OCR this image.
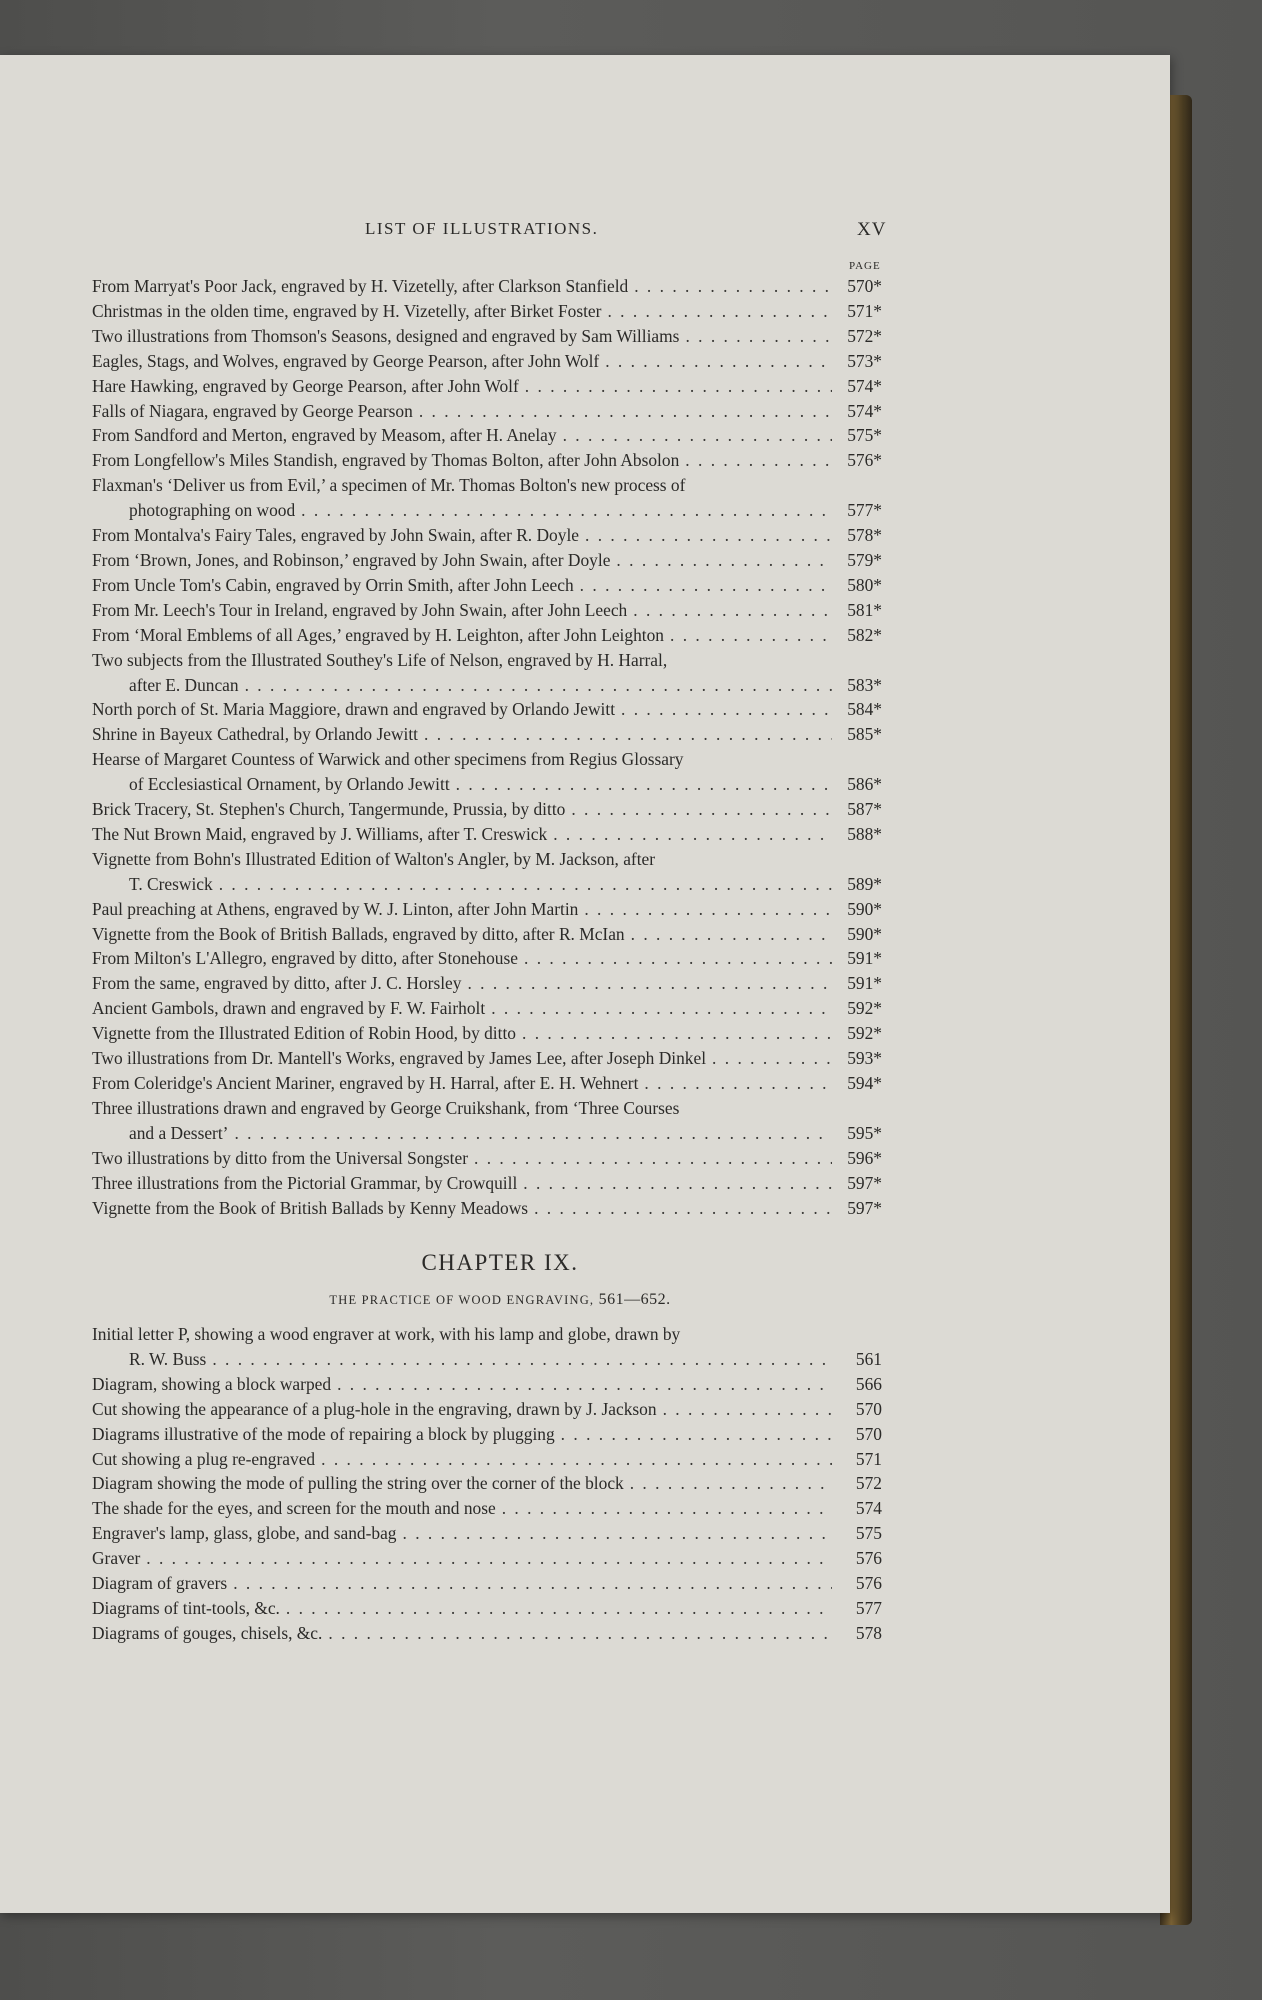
LIST OF ILLUSTRATIONS.	XV
PAGE
From Marryat's Poor Jack, engraved by H. Vizetelly, after Clarkson Stanfield . . .	570*
Christmas in the olden time, engraved by H. Vizetelly, after Birket Foster . . .	571*
Two illustrations from Thomson's Seasons, designed and engraved by Sam Williams . . .	572*
Eagles, Stags, and Wolves, engraved by George Pearson, after John Wolf . . .	573*
Hare Hawking, engraved by George Pearson, after John Wolf . . .	574*
Falls of Niagara, engraved by George Pearson . . .	574*
From Sandford and Merton, engraved by Measom, after H. Anelay . . .	575*
From Longfellow's Miles Standish, engraved by Thomas Bolton, after John Absolon . . .	576*
Flaxman's ‘Deliver us from Evil,’ a specimen of Mr. Thomas Bolton's new process of
photographing on wood . . .	577*
From Montalva's Fairy Tales, engraved by John Swain, after R. Doyle . . .	578*
From ‘Brown, Jones, and Robinson,’ engraved by John Swain, after Doyle . . .	579*
From Uncle Tom's Cabin, engraved by Orrin Smith, after John Leech . . .	580*
From Mr. Leech's Tour in Ireland, engraved by John Swain, after John Leech . . .	581*
From ‘Moral Emblems of all Ages,’ engraved by H. Leighton, after John Leighton . . .	582*
Two subjects from the Illustrated Southey's Life of Nelson, engraved by H. Harral,
after E. Duncan . . .	583*
North porch of St. Maria Maggiore, drawn and engraved by Orlando Jewitt . . .	584*
Shrine in Bayeux Cathedral, by Orlando Jewitt . . .	585*
Hearse of Margaret Countess of Warwick and other specimens from Regius Glossary
of Ecclesiastical Ornament, by Orlando Jewitt . . .	586*
Brick Tracery, St. Stephen's Church, Tangermunde, Prussia, by ditto . . .	587*
The Nut Brown Maid, engraved by J. Williams, after T. Creswick . . .	588*
Vignette from Bohn's Illustrated Edition of Walton's Angler, by M. Jackson, after
T. Creswick . . .	589*
Paul preaching at Athens, engraved by W. J. Linton, after John Martin . . .	590*
Vignette from the Book of British Ballads, engraved by ditto, after R. McIan . . .	590*
From Milton's L'Allegro, engraved by ditto, after Stonehouse . . .	591*
From the same, engraved by ditto, after J. C. Horsley . . .	591*
Ancient Gambols, drawn and engraved by F. W. Fairholt . . .	592*
Vignette from the Illustrated Edition of Robin Hood, by ditto . . .	592*
Two illustrations from Dr. Mantell's Works, engraved by James Lee, after Joseph Dinkel . . .	593*
From Coleridge's Ancient Mariner, engraved by H. Harral, after E. H. Wehnert . . .	594*
Three illustrations drawn and engraved by George Cruikshank, from ‘Three Courses
and a Dessert’ . . .	595*
Two illustrations by ditto from the Universal Songster . . .	596*
Three illustrations from the Pictorial Grammar, by Crowquill . . .	597*
Vignette from the Book of British Ballads by Kenny Meadows . . .	597*
CHAPTER IX.
THE PRACTICE OF WOOD ENGRAVING, 561—652.
Initial letter P, showing a wood engraver at work, with his lamp and globe, drawn by
R. W. Buss . . .	561
Diagram, showing a block warped . . .	566
Cut showing the appearance of a plug-hole in the engraving, drawn by J. Jackson . . .	570
Diagrams illustrative of the mode of repairing a block by plugging . . .	570
Cut showing a plug re-engraved . . .	571
Diagram showing the mode of pulling the string over the corner of the block . . .	572
The shade for the eyes, and screen for the mouth and nose . . .	574
Engraver's lamp, glass, globe, and sand-bag . . .	575
Graver . . .	576
Diagram of gravers . . .	576
Diagrams of tint-tools, &c. . . .	577
Diagrams of gouges, chisels, &c. . . .	578
